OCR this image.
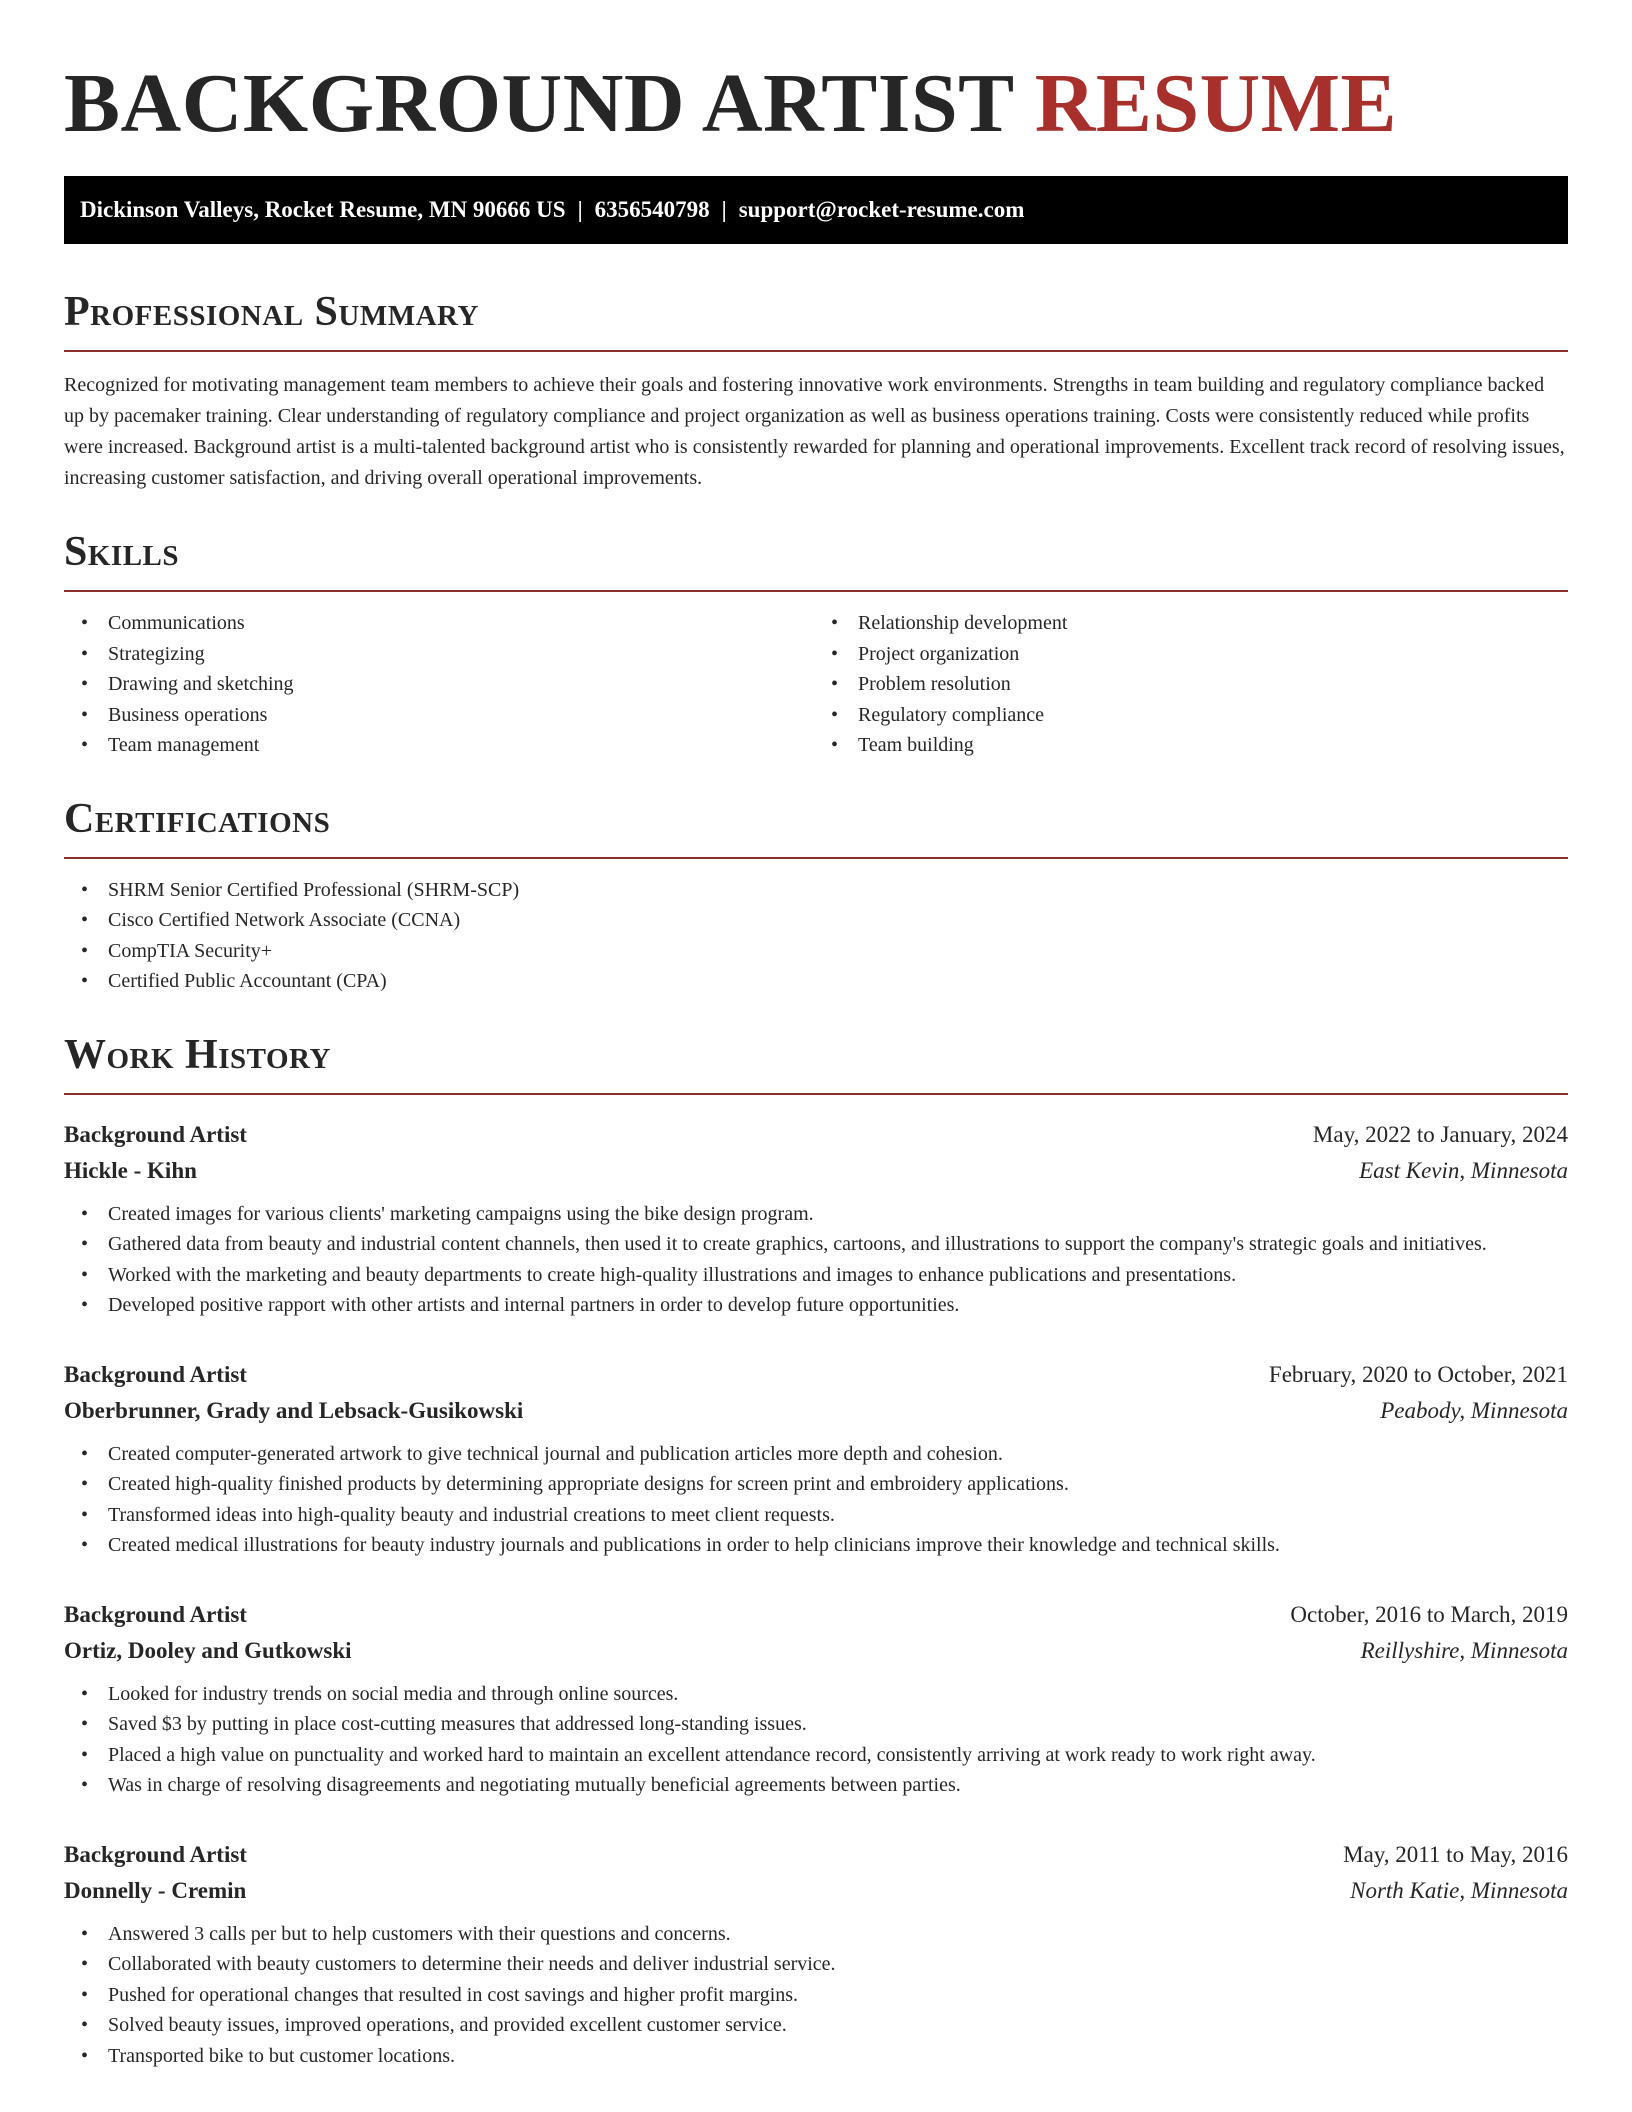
BACKGROUND ARTIST RESUME
Dickinson Valleys, Rocket Resume, MN 90666 US | 6356540798 | support@rocket-resume.com
Professional Summary

Recognized for motivating management team members to achieve their goals and fostering innovative work environments. Strengths in team building and regulatory compliance backed up by pacemaker training. Clear understanding of regulatory compliance and project organization as well as business operations training. Costs were consistently reduced while profits were increased. Background artist is a multi-talented background artist who is consistently rewarded for planning and operational improvements. Excellent track record of resolving issues, increasing customer satisfaction, and driving overall operational improvements.

Skills
• Communications
• Strategizing
• Drawing and sketching
• Business operations
• Team management
• Relationship development
• Project organization
• Problem resolution
• Regulatory compliance
• Team building
Certifications
• SHRM Senior Certified Professional (SHRM-SCP)
• Cisco Certified Network Associate (CCNA)
• CompTIA Security+
• Certified Public Accountant (CPA)
Work History
Background Artist	May, 2022 to January, 2024
Hickle - Kihn	East Kevin, Minnesota
• Created images for various clients' marketing campaigns using the bike design program.
• Gathered data from beauty and industrial content channels, then used it to create graphics, cartoons, and illustrations to support the company's strategic goals and initiatives.
• Worked with the marketing and beauty departments to create high-quality illustrations and images to enhance publications and presentations.
• Developed positive rapport with other artists and internal partners in order to develop future opportunities.
Background Artist	February, 2020 to October, 2021
Oberbrunner, Grady and Lebsack-Gusikowski	Peabody, Minnesota
• Created computer-generated artwork to give technical journal and publication articles more depth and cohesion.
• Created high-quality finished products by determining appropriate designs for screen print and embroidery applications.
• Transformed ideas into high-quality beauty and industrial creations to meet client requests.
• Created medical illustrations for beauty industry journals and publications in order to help clinicians improve their knowledge and technical skills.
Background Artist	October, 2016 to March, 2019
Ortiz, Dooley and Gutkowski	Reillyshire, Minnesota
• Looked for industry trends on social media and through online sources.
• Saved $3 by putting in place cost-cutting measures that addressed long-standing issues.
• Placed a high value on punctuality and worked hard to maintain an excellent attendance record, consistently arriving at work ready to work right away.
• Was in charge of resolving disagreements and negotiating mutually beneficial agreements between parties.
Background Artist	May, 2011 to May, 2016
Donnelly - Cremin	North Katie, Minnesota
• Answered 3 calls per but to help customers with their questions and concerns.
• Collaborated with beauty customers to determine their needs and deliver industrial service.
• Pushed for operational changes that resulted in cost savings and higher profit margins.
• Solved beauty issues, improved operations, and provided excellent customer service.
• Transported bike to but customer locations.
